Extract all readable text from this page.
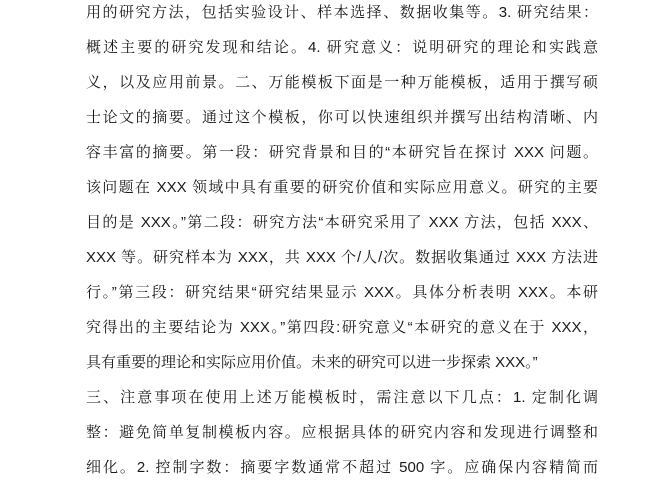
用的研究方法，包括实验设计、样本选择、数据收集等。3. 研究结果：
概述主要的研究发现和结论。4. 研究意义：说明研究的理论和实践意
义，以及应用前景。二、万能模板下面是一种万能模板，适用于撰写硕
士论文的摘要。通过这个模板，你可以快速组织并撰写出结构清晰、内
容丰富的摘要。第一段：研究背景和目的“本研究旨在探讨 XXX 问题。
该问题在 XXX 领域中具有重要的研究价值和实际应用意义。研究的主要
目的是 XXX。”第二段：研究方法“本研究采用了 XXX 方法，包括 XXX、
XXX 等。研究样本为 XXX，共 XXX 个/人/次。数据收集通过 XXX 方法进
行。”第三段：研究结果“研究结果显示 XXX。具体分析表明 XXX。本研
究得出的主要结论为 XXX。”第四段:研究意义“本研究的意义在于 XXX，
具有重要的理论和实际应用价值。未来的研究可以进一步探索 XXX。”
三、注意事项在使用上述万能模板时，需注意以下几点：1. 定制化调
整：避免简单复制模板内容。应根据具体的研究内容和发现进行调整和
细化。2. 控制字数：摘要字数通常不超过 500 字。应确保内容精简而
